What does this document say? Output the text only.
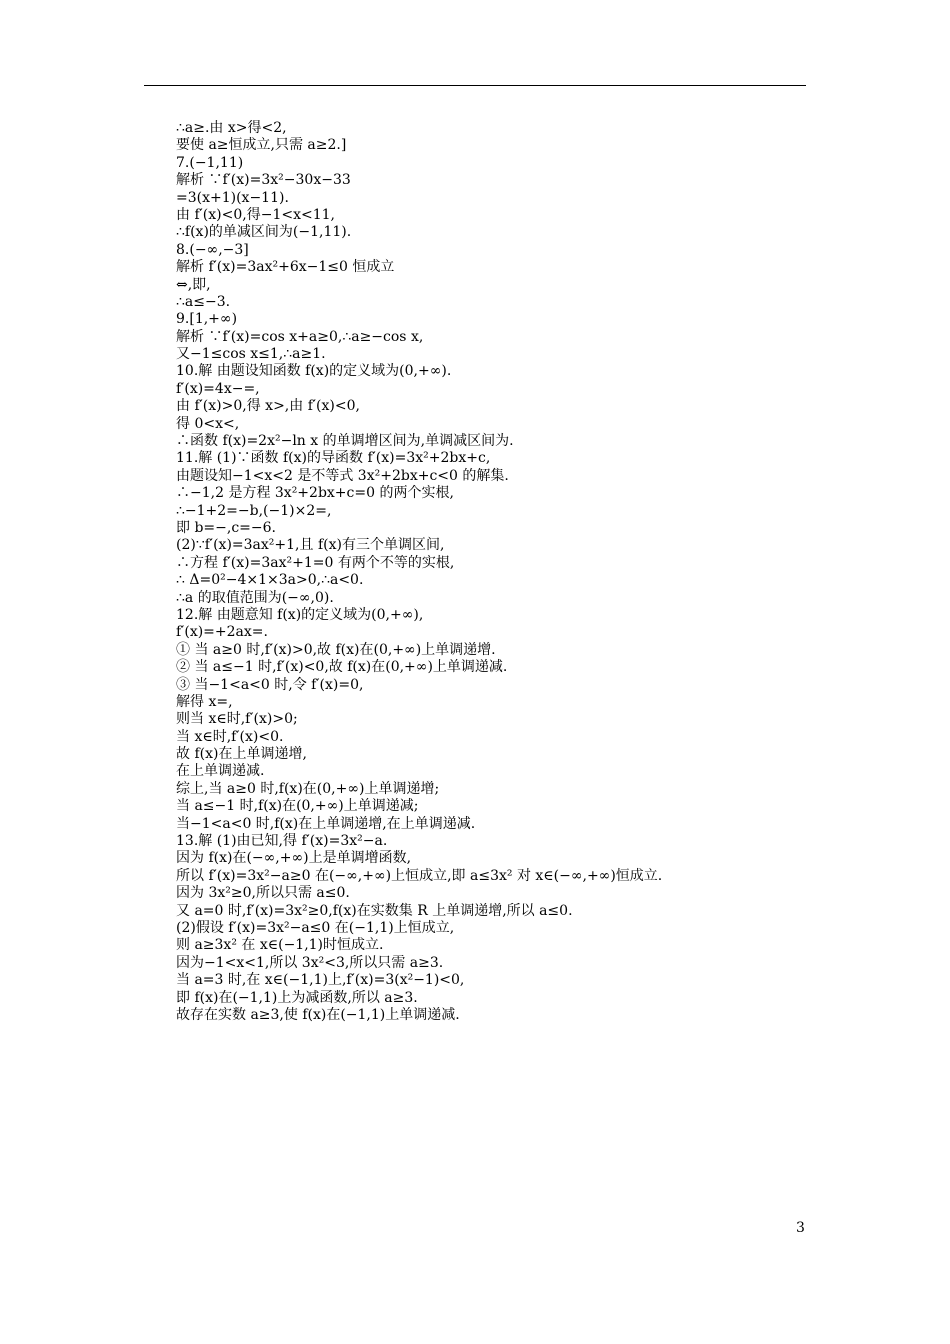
∴a≥.由 x>得<2,
要使 a≥恒成立,只需 a≥2.]
7.(−1,11)
解析 ∵f′(x)=3x²−30x−33
=3(x+1)(x−11).
由 f′(x)<0,得−1<x<11,
∴f(x)的单减区间为(−1,11).
8.(−∞,−3]
解析 f′(x)=3ax²+6x−1≤0 恒成立
⇔,即,
∴a≤−3.
9.[1,+∞)
解析 ∵f′(x)=cos x+a≥0,∴a≥−cos x,
又−1≤cos x≤1,∴a≥1.
10.解 由题设知函数 f(x)的定义域为(0,+∞).
f′(x)=4x−=,
由 f′(x)>0,得 x>,由 f′(x)<0,
得 0<x<,
∴函数 f(x)=2x²−ln x 的单调增区间为,单调减区间为.
11.解 (1)∵函数 f(x)的导函数 f′(x)=3x²+2bx+c,
由题设知−1<x<2 是不等式 3x²+2bx+c<0 的解集.
∴−1,2 是方程 3x²+2bx+c=0 的两个实根,
∴−1+2=−b,(−1)×2=,
即 b=−,c=−6.
(2)∵f′(x)=3ax²+1,且 f(x)有三个单调区间,
∴方程 f′(x)=3ax²+1=0 有两个不等的实根,
∴ Δ=0²−4×1×3a>0,∴a<0.
∴a 的取值范围为(−∞,0).
12.解 由题意知 f(x)的定义域为(0,+∞),
f′(x)=+2ax=.
① 当 a≥0 时,f′(x)>0,故 f(x)在(0,+∞)上单调递增.
② 当 a≤−1 时,f′(x)<0,故 f(x)在(0,+∞)上单调递减.
③ 当−1<a<0 时,令 f′(x)=0,
解得 x=,
则当 x∈时,f′(x)>0;
当 x∈时,f′(x)<0.
故 f(x)在上单调递增,
在上单调递减.
综上,当 a≥0 时,f(x)在(0,+∞)上单调递增;
当 a≤−1 时,f(x)在(0,+∞)上单调递减;
当−1<a<0 时,f(x)在上单调递增,在上单调递减.
13.解 (1)由已知,得 f′(x)=3x²−a.
因为 f(x)在(−∞,+∞)上是单调增函数,
所以 f′(x)=3x²−a≥0 在(−∞,+∞)上恒成立,即 a≤3x² 对 x∈(−∞,+∞)恒成立.
因为 3x²≥0,所以只需 a≤0.
又 a=0 时,f′(x)=3x²≥0,f(x)在实数集 R 上单调递增,所以 a≤0.
(2)假设 f′(x)=3x²−a≤0 在(−1,1)上恒成立,
则 a≥3x² 在 x∈(−1,1)时恒成立.
因为−1<x<1,所以 3x²<3,所以只需 a≥3.
当 a=3 时,在 x∈(−1,1)上,f′(x)=3(x²−1)<0,
即 f(x)在(−1,1)上为减函数,所以 a≥3.
故存在实数 a≥3,使 f(x)在(−1,1)上单调递减.
3
